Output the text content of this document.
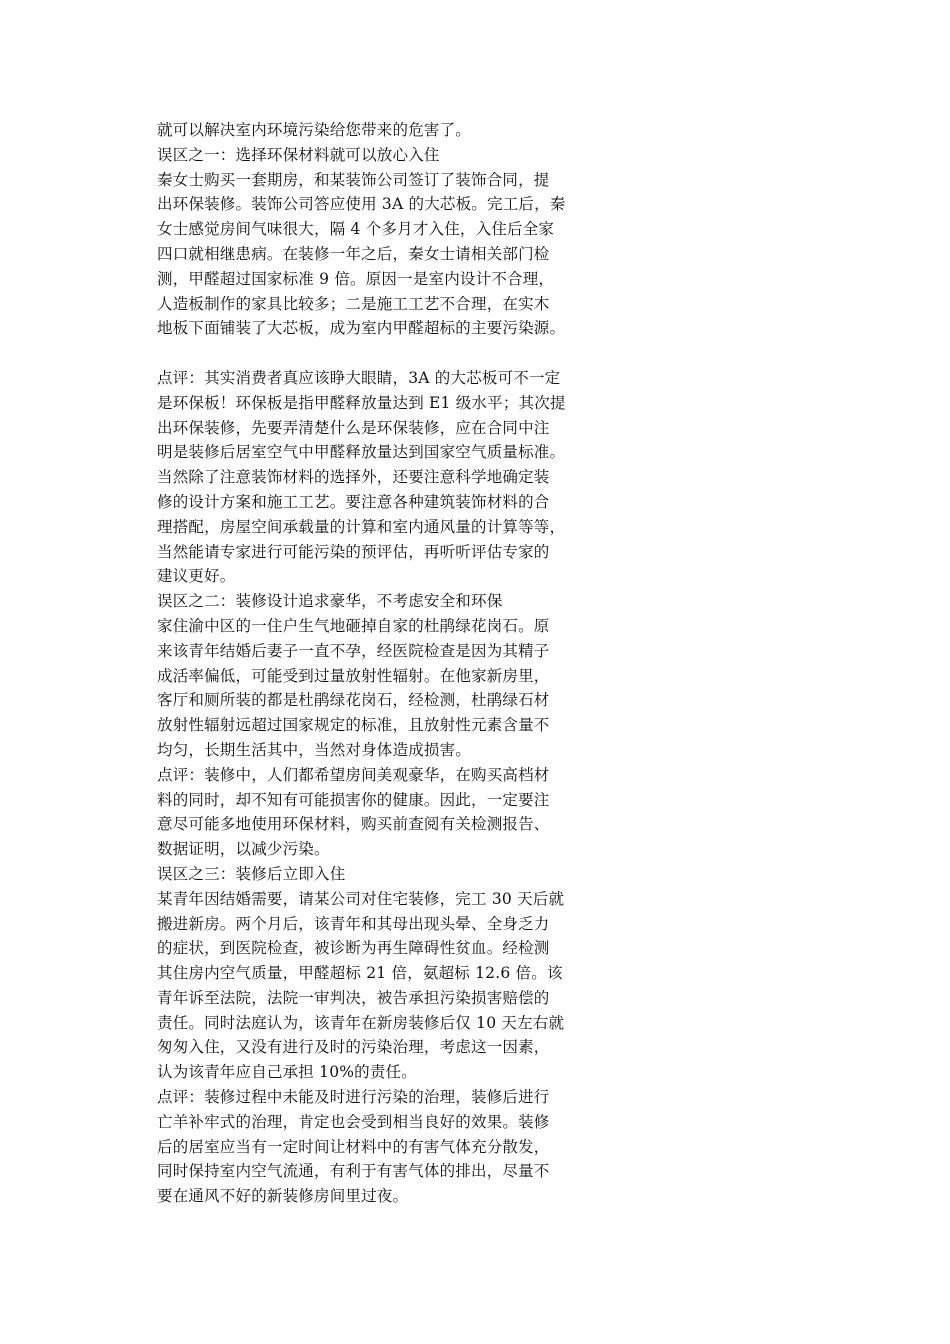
就可以解决室内环境污染给您带来的危害了。
误区之一：选择环保材料就可以放心入住
秦女士购买一套期房，和某装饰公司签订了装饰合同，提
出环保装修。装饰公司答应使用 3A 的大芯板。完工后，秦
女士感觉房间气味很大，隔 4 个多月才入住，入住后全家
四口就相继患病。在装修一年之后，秦女士请相关部门检
测，甲醛超过国家标准 9 倍。原因一是室内设计不合理，
人造板制作的家具比较多；二是施工工艺不合理，在实木
地板下面铺装了大芯板，成为室内甲醛超标的主要污染源。
点评：其实消费者真应该睁大眼睛，3A 的大芯板可不一定
是环保板！环保板是指甲醛释放量达到 E1 级水平；其次提
出环保装修，先要弄清楚什么是环保装修，应在合同中注
明是装修后居室空气中甲醛释放量达到国家空气质量标准。
当然除了注意装饰材料的选择外，还要注意科学地确定装
修的设计方案和施工工艺。要注意各种建筑装饰材料的合
理搭配，房屋空间承载量的计算和室内通风量的计算等等，
当然能请专家进行可能污染的预评估，再听听评估专家的
建议更好。
误区之二：装修设计追求豪华，不考虑安全和环保
家住渝中区的一住户生气地砸掉自家的杜鹃绿花岗石。原
来该青年结婚后妻子一直不孕，经医院检查是因为其精子
成活率偏低，可能受到过量放射性辐射。在他家新房里，
客厅和厕所装的都是杜鹃绿花岗石，经检测，杜鹃绿石材
放射性辐射远超过国家规定的标准，且放射性元素含量不
均匀，长期生活其中，当然对身体造成损害。
点评：装修中，人们都希望房间美观豪华，在购买高档材
料的同时，却不知有可能损害你的健康。因此，一定要注
意尽可能多地使用环保材料，购买前查阅有关检测报告、
数据证明，以减少污染。
误区之三：装修后立即入住
某青年因结婚需要，请某公司对住宅装修，完工 30 天后就
搬进新房。两个月后，该青年和其母出现头晕、全身乏力
的症状，到医院检查，被诊断为再生障碍性贫血。经检测
其住房内空气质量，甲醛超标 21 倍，氨超标 12.6 倍。该
青年诉至法院，法院一审判决，被告承担污染损害赔偿的
责任。同时法庭认为，该青年在新房装修后仅 10 天左右就
匆匆入住，又没有进行及时的污染治理，考虑这一因素，
认为该青年应自己承担 10%的责任。
点评：装修过程中未能及时进行污染的治理，装修后进行
亡羊补牢式的治理，肯定也会受到相当良好的效果。装修
后的居室应当有一定时间让材料中的有害气体充分散发，
同时保持室内空气流通，有利于有害气体的排出，尽量不
要在通风不好的新装修房间里过夜。
